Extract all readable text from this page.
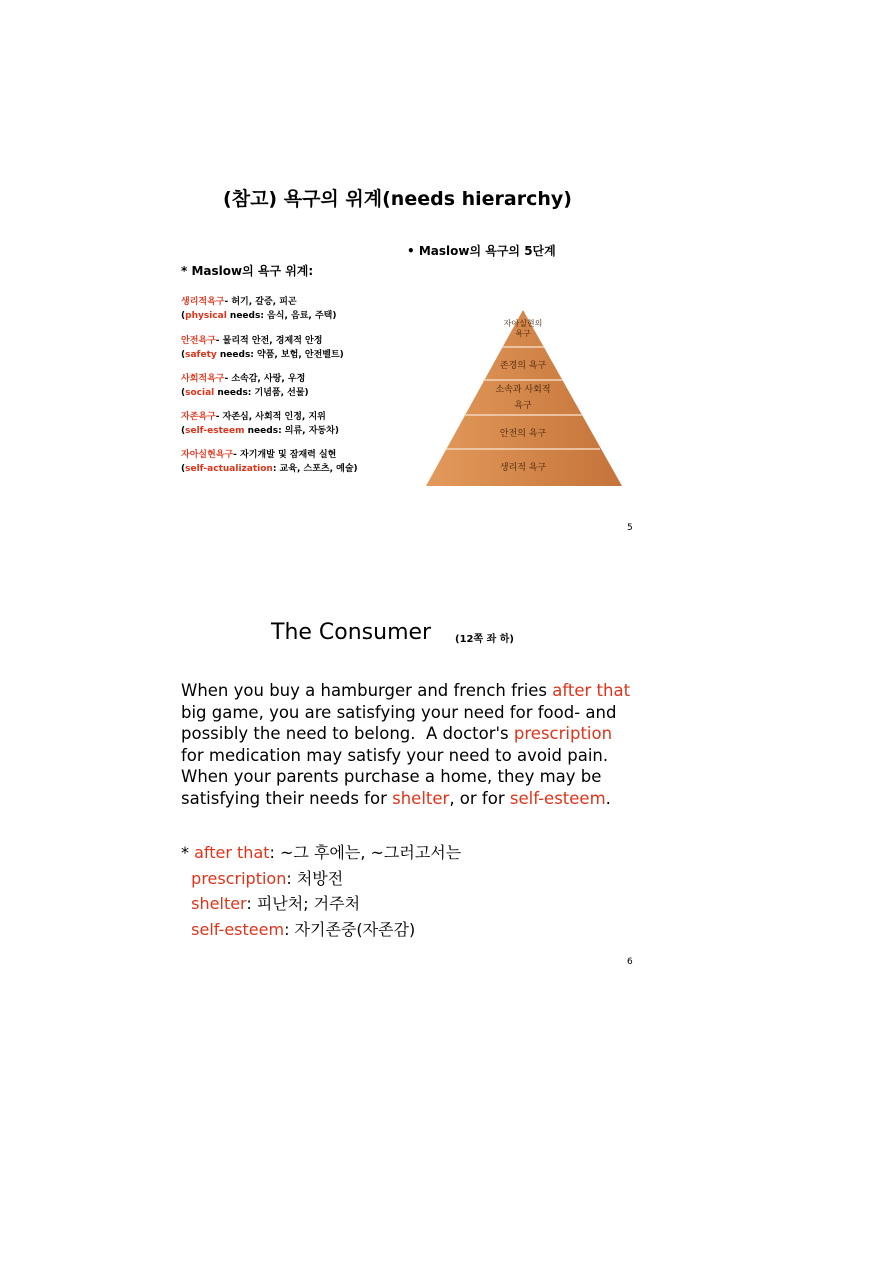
(참고) 욕구의 위계(needs hierarchy)
* Maslow의 욕구 위계:
• Maslow의 욕구의 5단계
생리적욕구- 허기, 갈증, 피곤
(physical needs: 음식, 음료, 주택)
안전욕구- 물리적 안전, 경제적 안정
(safety needs: 약품, 보험, 안전벨트)
사회적욕구- 소속감, 사랑, 우정
(social needs: 기념품, 선물)
자존욕구- 자존심, 사회적 인정, 지위
(self-esteem needs: 의류, 자동차)
자아실현욕구- 자기개발 및 잠재력 실현
(self-actualization: 교육, 스포츠, 예술)
자아실현의
욕구
존경의 욕구
소속과 사회적
욕구
안전의 욕구
생리적 욕구
5
The Consumer (12쪽 좌 하)
When you buy a hamburger and french fries after that
big game, you are satisfying your need for food- and
possibly the need to belong.  A doctor's prescription
for medication may satisfy your need to avoid pain.
When your parents purchase a home, they may be
satisfying their needs for shelter, or for self-esteem.
* after that: ~그 후에는, ~그러고서는
prescription: 처방전
shelter: 피난처; 거주처
self-esteem: 자기존중(자존감)
6
